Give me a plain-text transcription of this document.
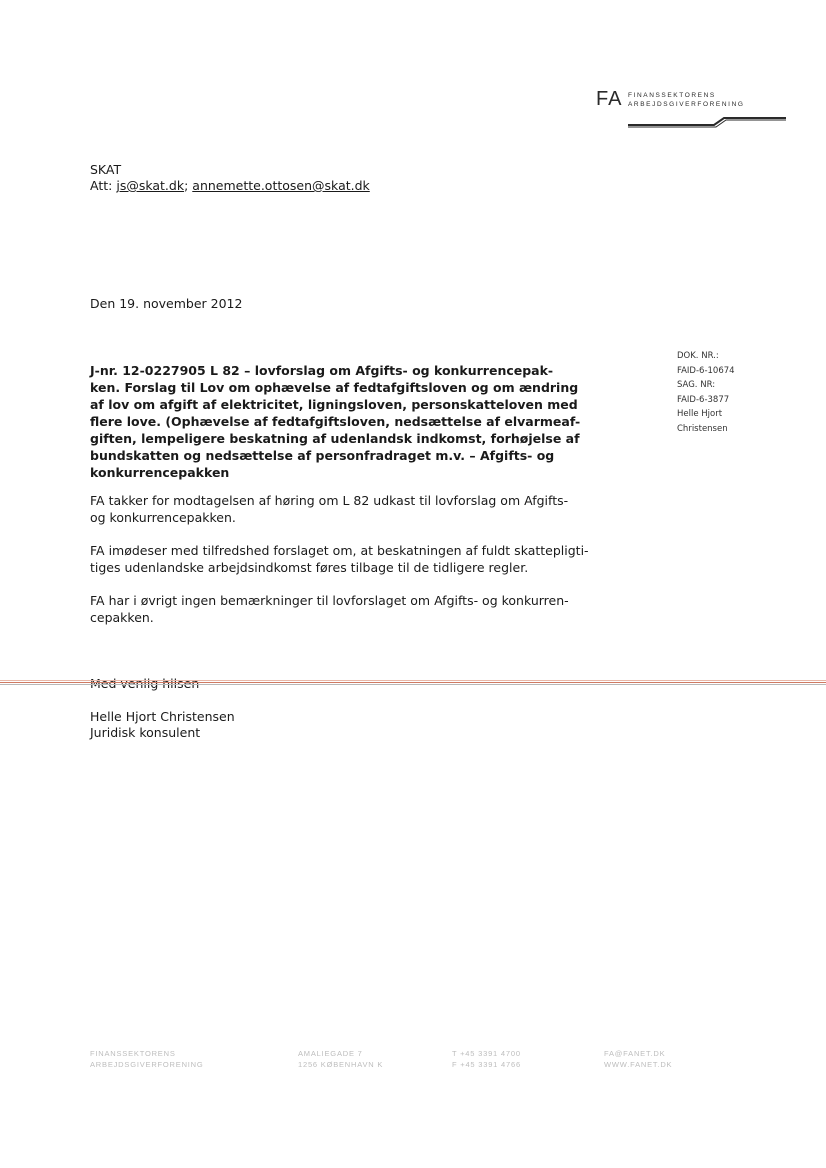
FA FINANSSEKTORENS
ARBEJDSGIVERFORENING
SKAT
Att: js@skat.dk; annemette.ottosen@skat.dk
Den 19. november 2012
DOK. NR.:
FAID-6-10674
SAG. NR:
FAID-6-3877
Helle Hjort
Christensen
J-nr. 12-0227905 L 82 – lovforslag om Afgifts- og konkurrencepak-
ken. Forslag til Lov om ophævelse af fedtafgiftsloven og om ændring
af lov om afgift af elektricitet, ligningsloven, personskatteloven med
flere love. (Ophævelse af fedtafgiftsloven, nedsættelse af elvarmeaf-
giften, lempeligere beskatning af udenlandsk indkomst, forhøjelse af
bundskatten og nedsættelse af personfradraget m.v. – Afgifts- og
konkurrencepakken
FA takker for modtagelsen af høring om L 82 udkast til lovforslag om Afgifts-
og konkurrencepakken.
FA imødeser med tilfredshed forslaget om, at beskatningen af fuldt skattepligti-
tiges udenlandske arbejdsindkomst føres tilbage til de tidligere regler.
FA har i øvrigt ingen bemærkninger til lovforslaget om Afgifts- og konkurren-
cepakken.
Helle Hjort Christensen
Juridisk konsulent
FINANSSEKTORENS
ARBEJDSGIVERFORENING
AMALIEGADE 7
1256 KØBENHAVN K
T +45 3391 4700
F +45 3391 4766
FA@FANET.DK
WWW.FANET.DK
